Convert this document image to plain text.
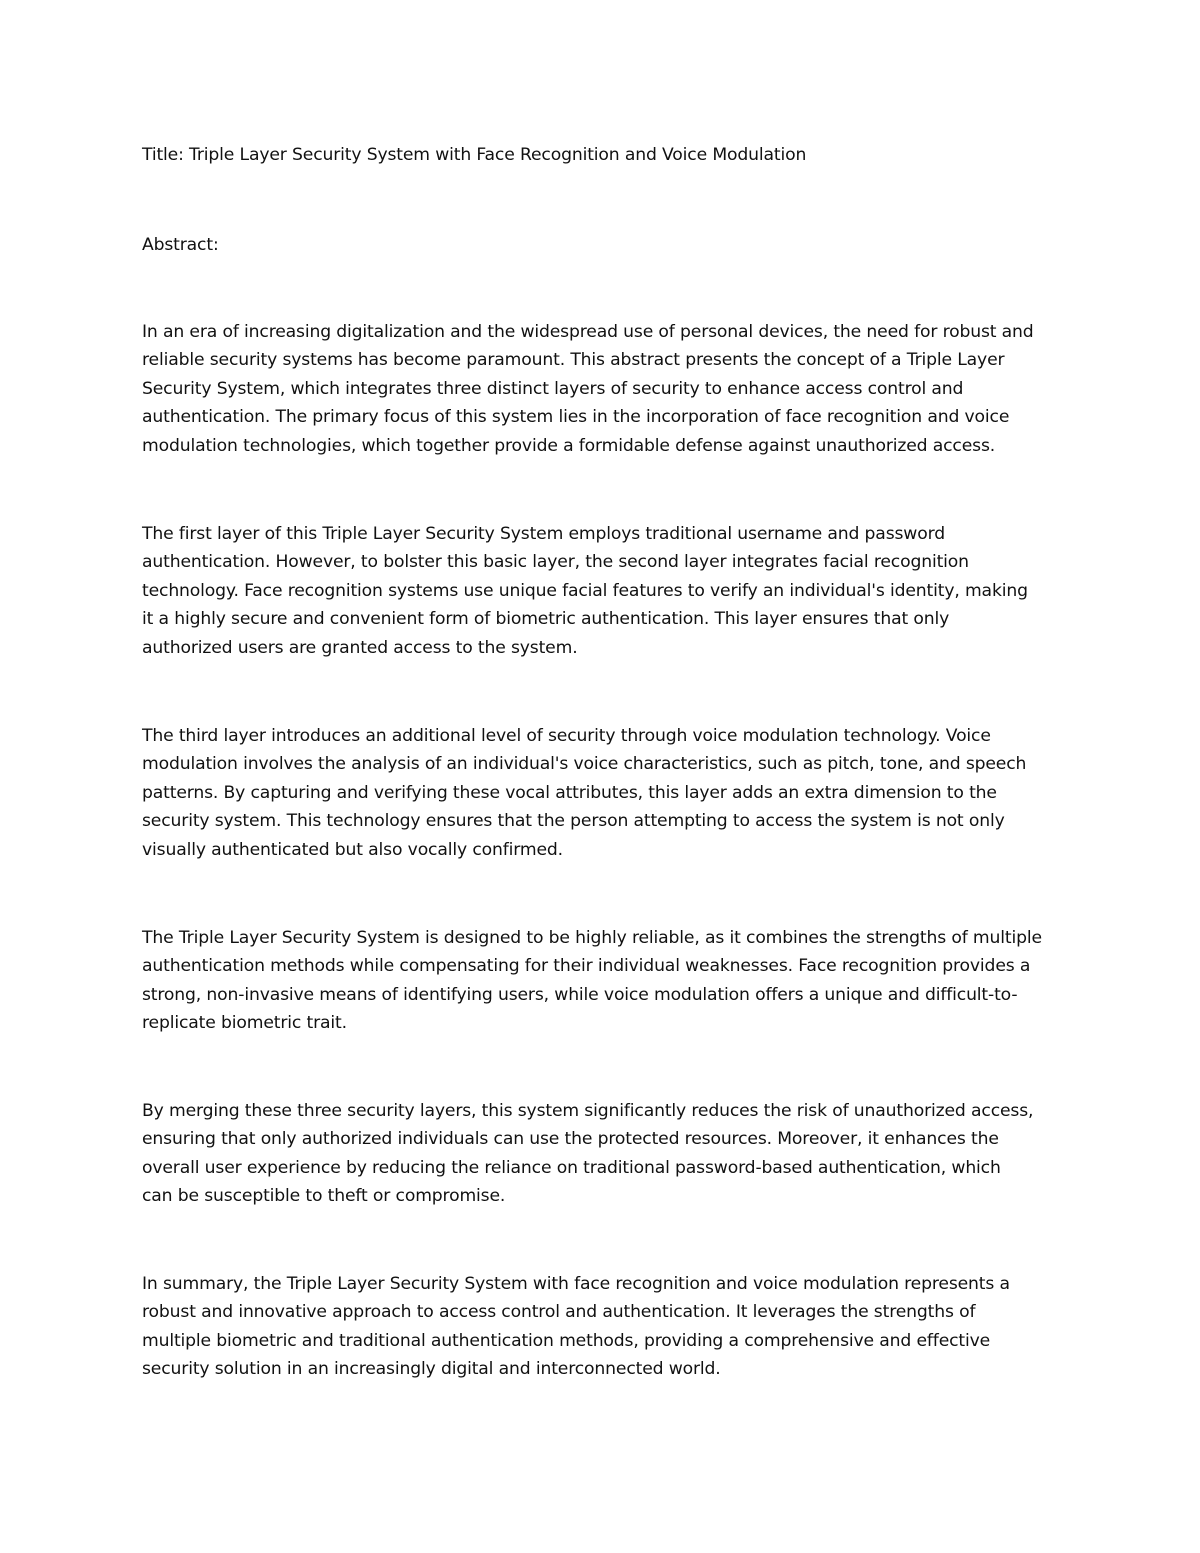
Title: Triple Layer Security System with Face Recognition and Voice Modulation
Abstract:
In an era of increasing digitalization and the widespread use of personal devices, the need for robust and
reliable security systems has become paramount. This abstract presents the concept of a Triple Layer
Security System, which integrates three distinct layers of security to enhance access control and
authentication. The primary focus of this system lies in the incorporation of face recognition and voice
modulation technologies, which together provide a formidable defense against unauthorized access.
The first layer of this Triple Layer Security System employs traditional username and password
authentication. However, to bolster this basic layer, the second layer integrates facial recognition
technology. Face recognition systems use unique facial features to verify an individual's identity, making
it a highly secure and convenient form of biometric authentication. This layer ensures that only
authorized users are granted access to the system.
The third layer introduces an additional level of security through voice modulation technology. Voice
modulation involves the analysis of an individual's voice characteristics, such as pitch, tone, and speech
patterns. By capturing and verifying these vocal attributes, this layer adds an extra dimension to the
security system. This technology ensures that the person attempting to access the system is not only
visually authenticated but also vocally confirmed.
The Triple Layer Security System is designed to be highly reliable, as it combines the strengths of multiple
authentication methods while compensating for their individual weaknesses. Face recognition provides a
strong, non-invasive means of identifying users, while voice modulation offers a unique and difficult-to-
replicate biometric trait.
By merging these three security layers, this system significantly reduces the risk of unauthorized access,
ensuring that only authorized individuals can use the protected resources. Moreover, it enhances the
overall user experience by reducing the reliance on traditional password-based authentication, which
can be susceptible to theft or compromise.
In summary, the Triple Layer Security System with face recognition and voice modulation represents a
robust and innovative approach to access control and authentication. It leverages the strengths of
multiple biometric and traditional authentication methods, providing a comprehensive and effective
security solution in an increasingly digital and interconnected world.
